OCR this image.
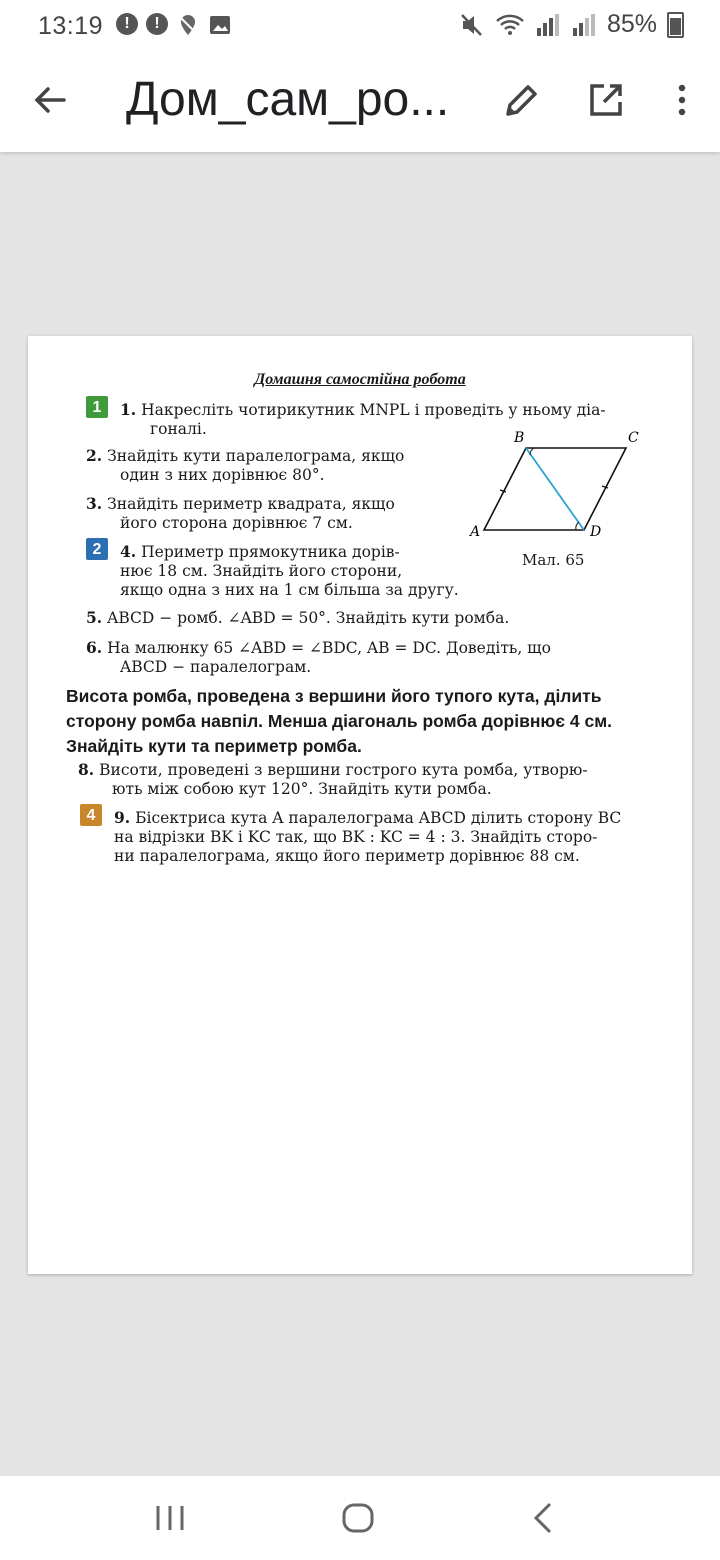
13:19	!	!	85%
Дом_сам_ро...
Домашня самостійна робота
1	1. Накресліть чотирикутник MNPL і проведіть у ньому діа-
гоналі.
2. Знайдіть кути паралелограма, якщо
один з них дорівнює 80°.
3. Знайдіть периметр квадрата, якщо
його сторона дорівнює 7 см.
2	4. Периметр прямокутника дорів-
нює 18 см. Знайдіть його сторони,
якщо одна з них на 1 см більша за другу.
A
B	C
D
Мал. 65
5. ABCD − ромб. ∠ABD = 50°. Знайдіть кути ромба.
6. На малюнку 65 ∠ABD = ∠BDC, AB = DC. Доведіть, що
ABCD − паралелограм.
Висота ромба, проведена з вершини його тупого кута, ділить
сторону ромба навпіл. Менша діагональ ромба дорівнює 4 см.
Знайдіть кути та периметр ромба.
8. Висоти, проведені з вершини гострого кута ромба, утворю-
ють між собою кут 120°. Знайдіть кути ромба.
4	9. Бісектриса кута A паралелограма ABCD ділить сторону BC
на відрізки BK і KC так, що BK : KC = 4 : 3. Знайдіть сторо-
ни паралелограма, якщо його периметр дорівнює 88 см.
